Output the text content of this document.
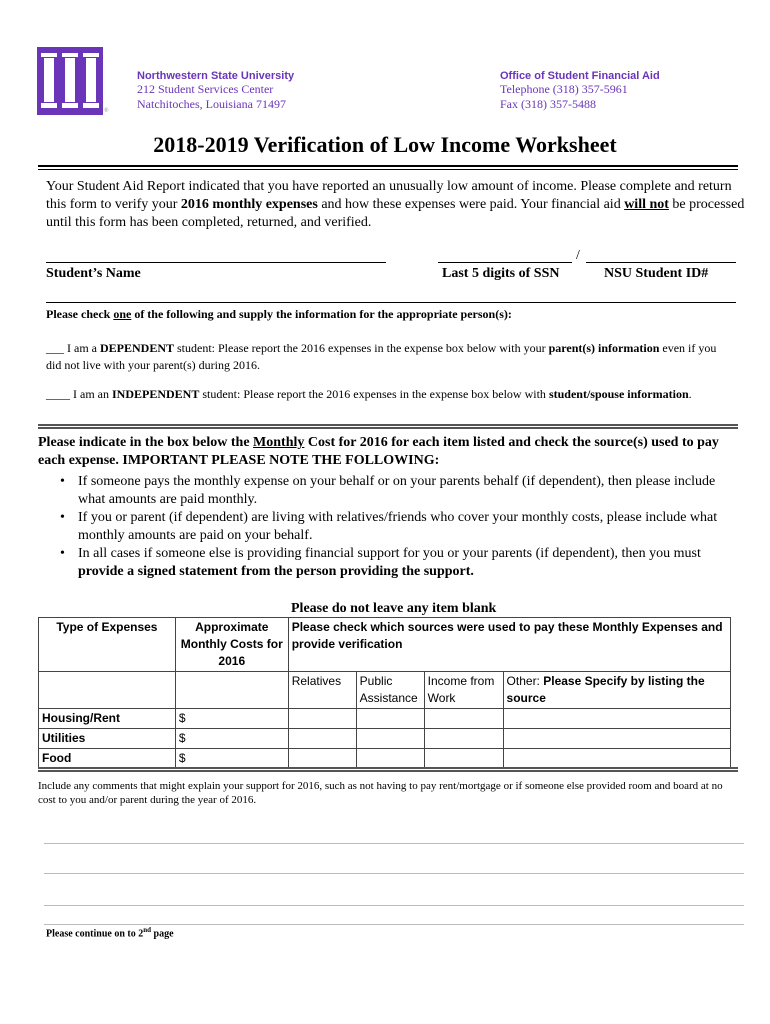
®
Northwestern State University
212 Student Services Center
Natchitoches, Louisiana 71497
Office of Student Financial Aid
Telephone (318) 357-5961
Fax (318) 357-5488
2018-2019 Verification of Low Income Worksheet

Your Student Aid Report indicated that you have reported an unusually low amount of income. Please complete and return this form to verify your 2016 monthly expenses and how these expenses were paid. Your financial aid will not be processed until this form has been completed, returned, and verified.

/
Student’s Name	Last 5 digits of SSN	NSU Student ID#
Please check one of the following and supply the information for the appropriate person(s):

___ I am a DEPENDENT student: Please report the 2016 expenses in the expense box below with your parent(s) information even if you did not live with your parent(s) during 2016.

____ I am an INDEPENDENT student: Please report the 2016 expenses in the expense box below with student/spouse information.

Please indicate in the box below the Monthly Cost for 2016 for each item listed and check the source(s) used to pay each expense. IMPORTANT PLEASE NOTE THE FOLLOWING:

• If someone pays the monthly expense on your behalf or on your parents behalf (if dependent), then please include what amounts are paid monthly.
• If you or parent (if dependent) are living with relatives/friends who cover your monthly costs, please include what monthly amounts are paid on your behalf.
• In all cases if someone else is providing financial support for you or your parents (if dependent), then you must provide a signed statement from the person providing the support.
Please do not leave any item blank
Type of Expenses	Approximate Monthly Costs for 2016	Please check which sources were used to pay these Monthly Expenses and provide verification			
		Relatives	Public Assistance	Income from Work	Other: Please Specify by listing the source
Housing/Rent	$				
Utilities	$				
Food	$				

Include any comments that might explain your support for 2016, such as not having to pay rent/mortgage or if someone else provided room and board at no cost to you and/or parent during the year of 2016.

Please continue on to 2nd page
